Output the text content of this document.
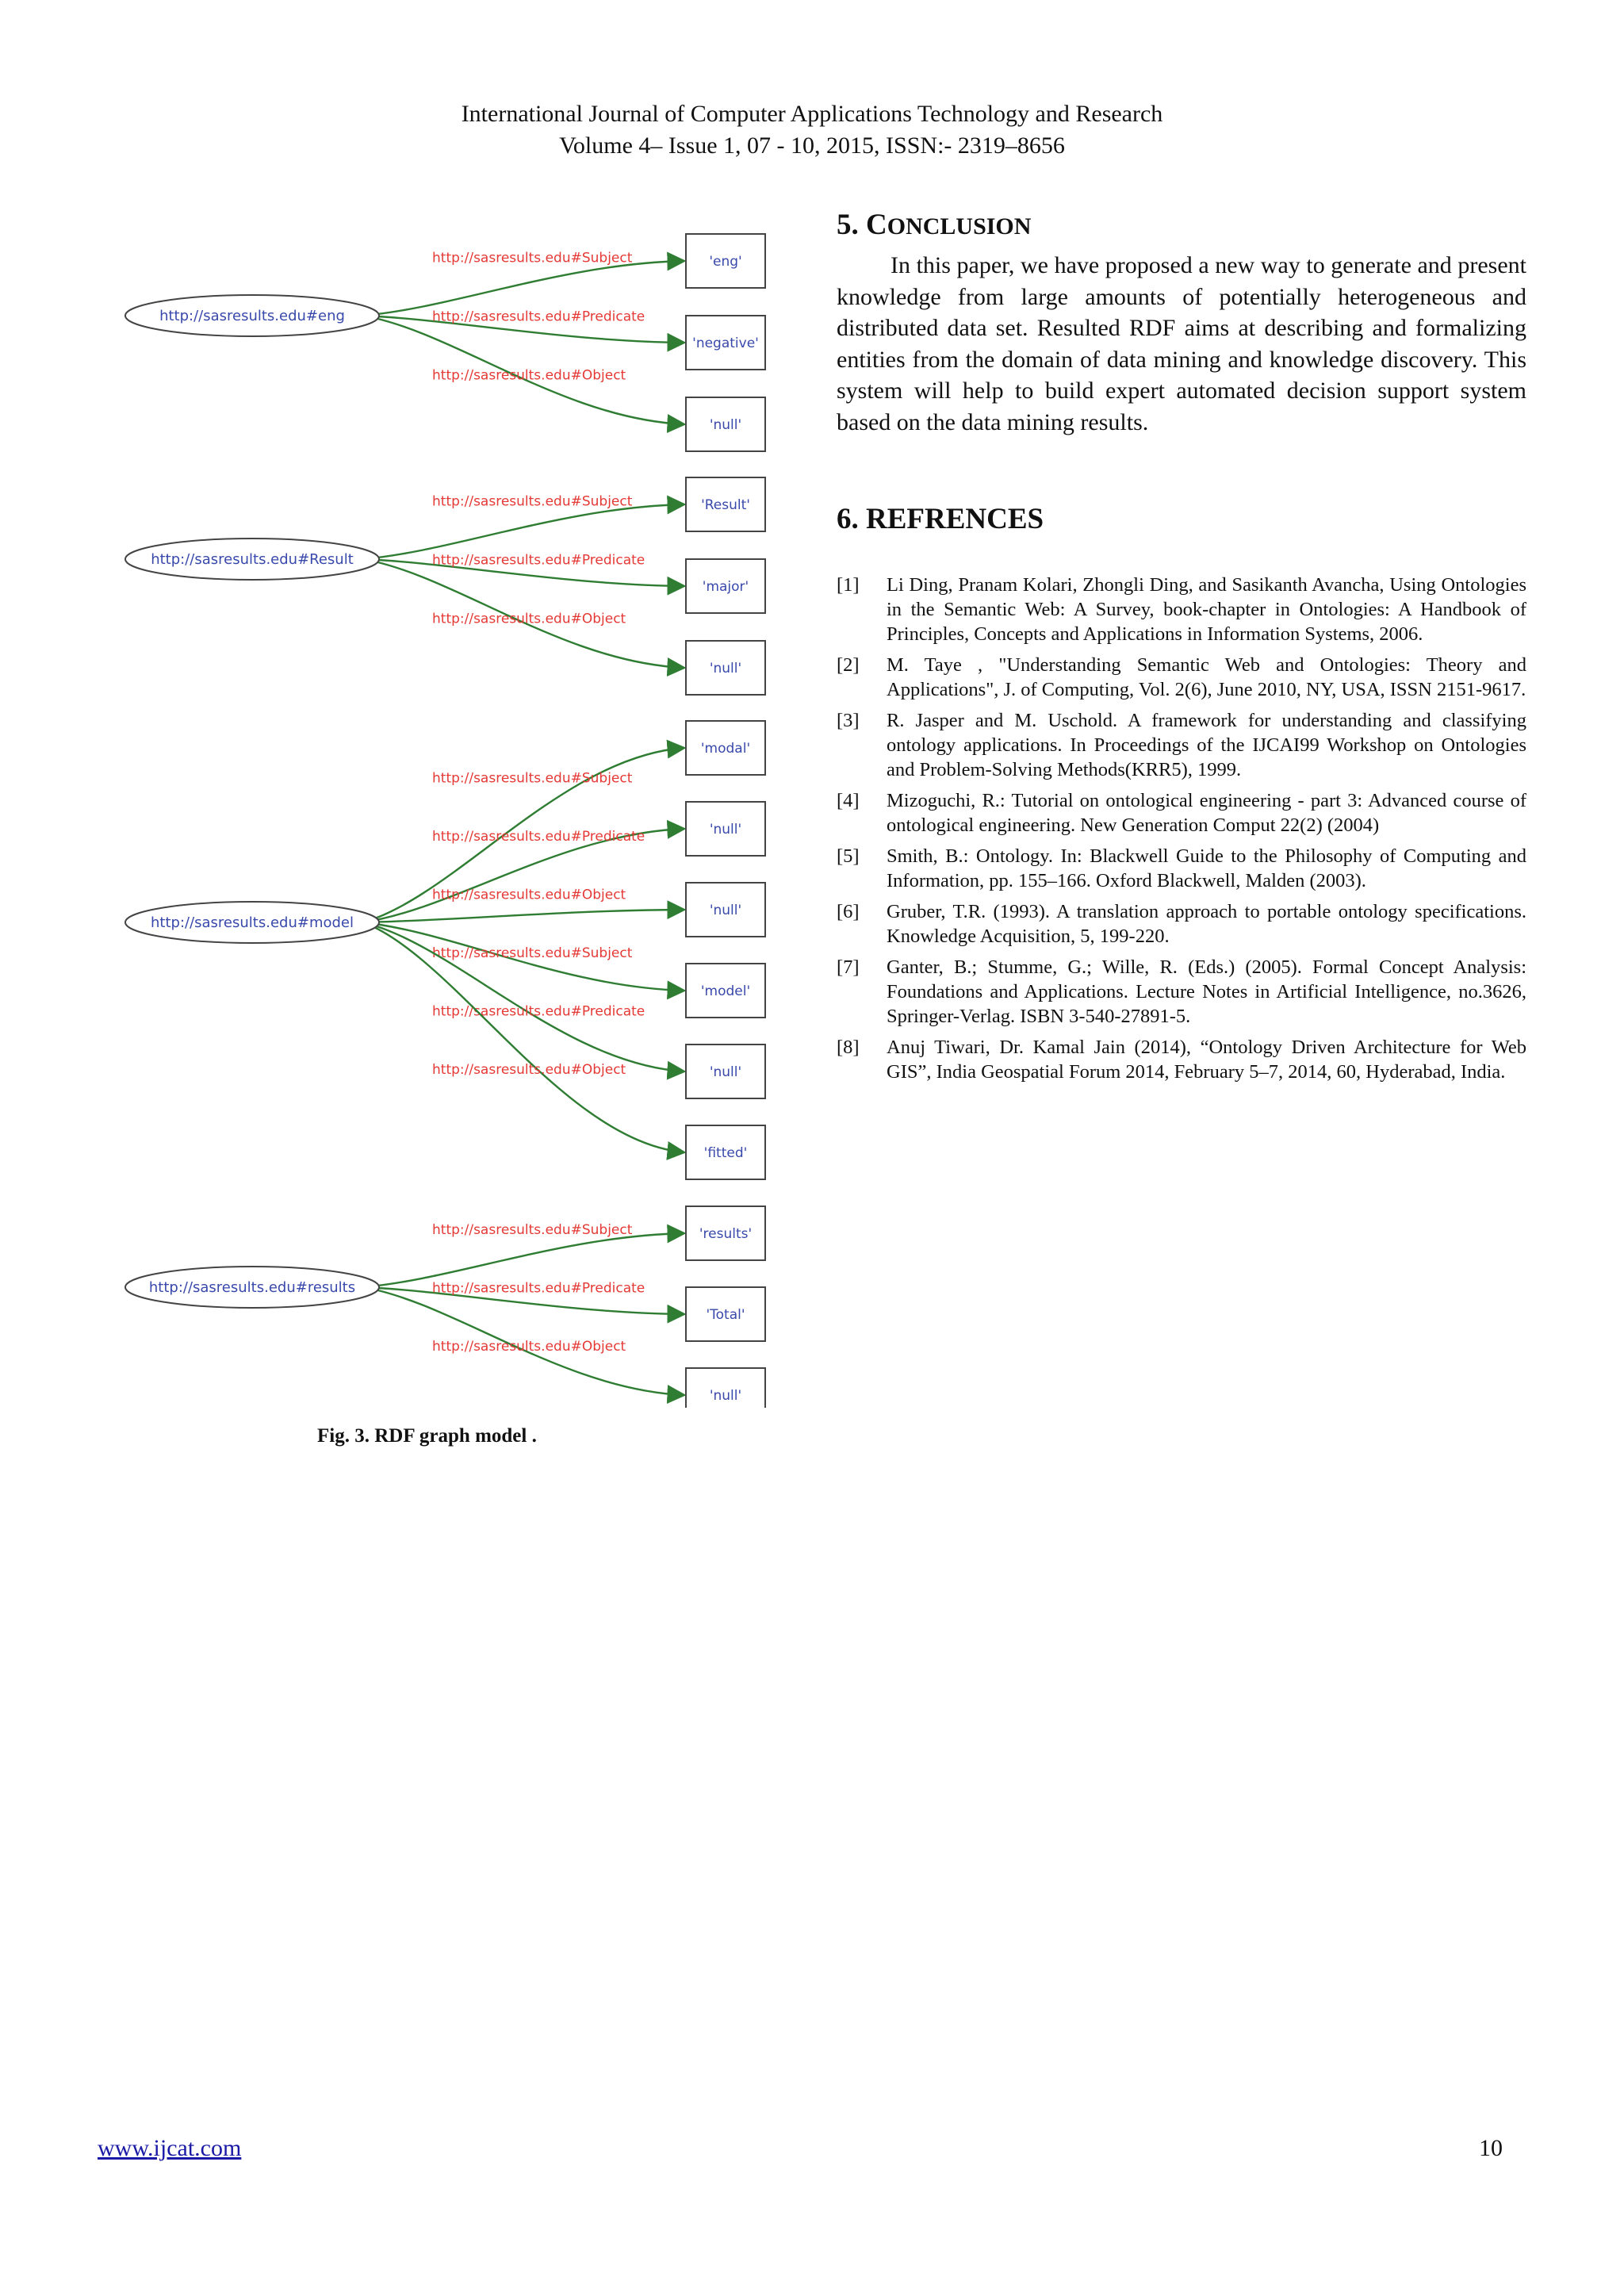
International Journal of Computer Applications Technology and Research
Volume 4– Issue 1, 07 - 10, 2015, ISSN:- 2319–8656
http://sasresults.edu#Subject	'eng'
http://sasresults.edu#Predicate
'negative'
http://sasresults.edu#Object
'null'
http://sasresults.edu#eng
http://sasresults.edu#Subject	'Result'
http://sasresults.edu#Predicate
'major'
http://sasresults.edu#Object
'null'
http://sasresults.edu#Result
http://sasresults.edu#Subject
'modal'
http://sasresults.edu#Predicate	'null'
http://sasresults.edu#Object
'null'
http://sasresults.edu#Subject
'model'
http://sasresults.edu#Predicate
'null'
http://sasresults.edu#Object
'fitted'
http://sasresults.edu#model
http://sasresults.edu#Subject	'results'
http://sasresults.edu#Predicate
'Total'
http://sasresults.edu#Object
'null'
http://sasresults.edu#results
Fig. 3. RDF graph model .
5. CONCLUSION

In this paper, we have proposed a new way to generate and present knowledge from large amounts of potentially heterogeneous and distributed data set. Resulted RDF aims at describing and formalizing entities from the domain of data mining and knowledge discovery. This system will help to build expert automated decision support system based on the data mining results.

6. REFRENCES
[1] Li Ding, Pranam Kolari, Zhongli Ding, and Sasikanth Avancha, Using Ontologies in the Semantic Web: A Survey, book-chapter in Ontologies: A Handbook of Principles, Concepts and Applications in Information Systems, 2006.
[2] M. Taye , "Understanding Semantic Web and Ontologies: Theory and Applications", J. of Computing, Vol. 2(6), June 2010, NY, USA, ISSN 2151-9617.
[3] R. Jasper and M. Uschold. A framework for understanding and classifying ontology applications. In Proceedings of the IJCAI99 Workshop on Ontologies and Problem-Solving Methods(KRR5), 1999.
[4] Mizoguchi, R.: Tutorial on ontological engineering - part 3: Advanced course of ontological engineering. New Generation Comput 22(2) (2004)
[5] Smith, B.: Ontology. In: Blackwell Guide to the Philosophy of Computing and Information, pp. 155–166. Oxford Blackwell, Malden (2003).
[6] Gruber, T.R. (1993). A translation approach to portable ontology specifications. Knowledge Acquisition, 5, 199-220.
[7] Ganter, B.; Stumme, G.; Wille, R. (Eds.) (2005). Formal Concept Analysis: Foundations and Applications. Lecture Notes in Artificial Intelligence, no.3626, Springer-Verlag. ISBN 3-540-27891-5.
[8] Anuj Tiwari, Dr. Kamal Jain (2014), “Ontology Driven Architecture for Web GIS”, India Geospatial Forum 2014, February 5–7, 2014, 60, Hyderabad, India.
www.ijcat.com	10
